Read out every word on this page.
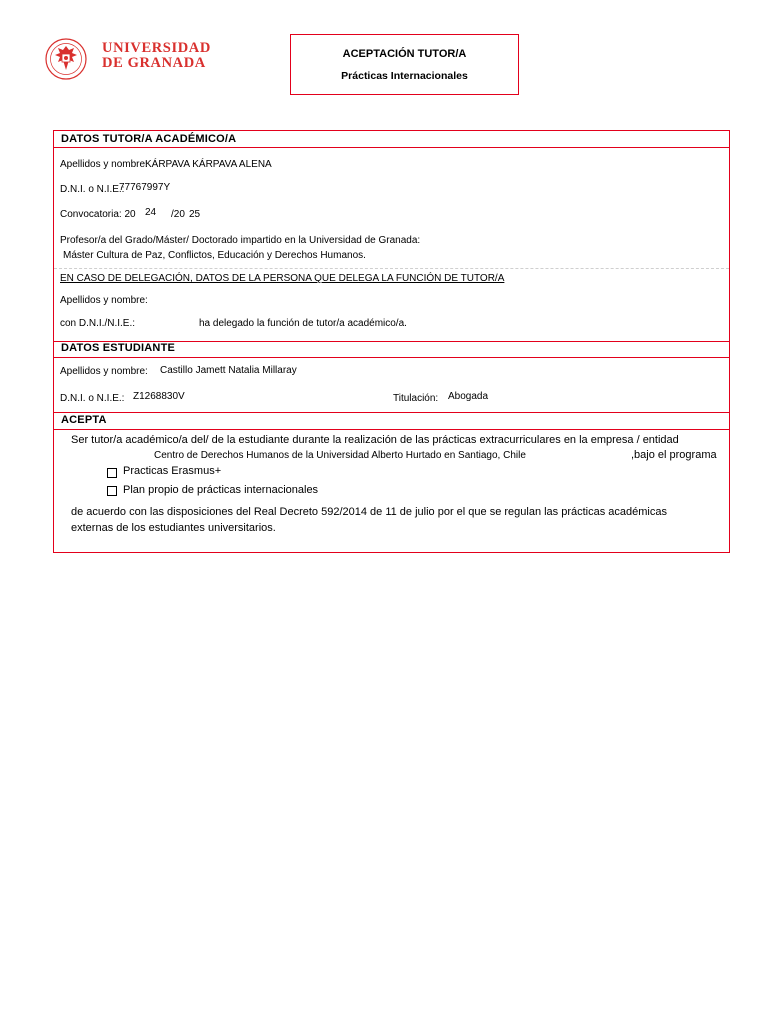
UNIVERSIDAD
DE GRANADA
ACEPTACIÓN TUTOR/A
Prácticas Internacionales
DATOS TUTOR/A ACADÉMICO/A
Apellidos y nombre:
KÁRPAVA KÁRPAVA ALENA
D.N.I. o N.I.E.:
77767997Y
Convocatoria: 20 24 /20 25
Profesor/a del Grado/Máster/ Doctorado impartido en la Universidad de Granada:
Máster Cultura de Paz, Conflictos, Educación y Derechos Humanos.
EN CASO DE DELEGACIÓN, DATOS DE LA PERSONA QUE DELEGA LA FUNCIÓN DE TUTOR/A
Apellidos y nombre:
con D.N.I./N.I.E.:	ha delegado la función de tutor/a académico/a.
DATOS ESTUDIANTE
Apellidos y nombre: Castillo Jamett Natalia Millaray
D.N.I. o N.I.E.: Z1268830V	Titulación: Abogada
ACEPTA
Ser tutor/a académico/a del/ de la estudiante durante la realización de las prácticas extracurriculares en la empresa / entidad
Centro de Derechos Humanos de la Universidad Alberto Hurtado en Santiago, Chile	,bajo el programa
Practicas Erasmus+
Plan propio de prácticas internacionales
de acuerdo con las disposiciones del Real Decreto 592/2014 de 11 de julio por el que se regulan las prácticas académicas
externas de los estudiantes universitarios.
